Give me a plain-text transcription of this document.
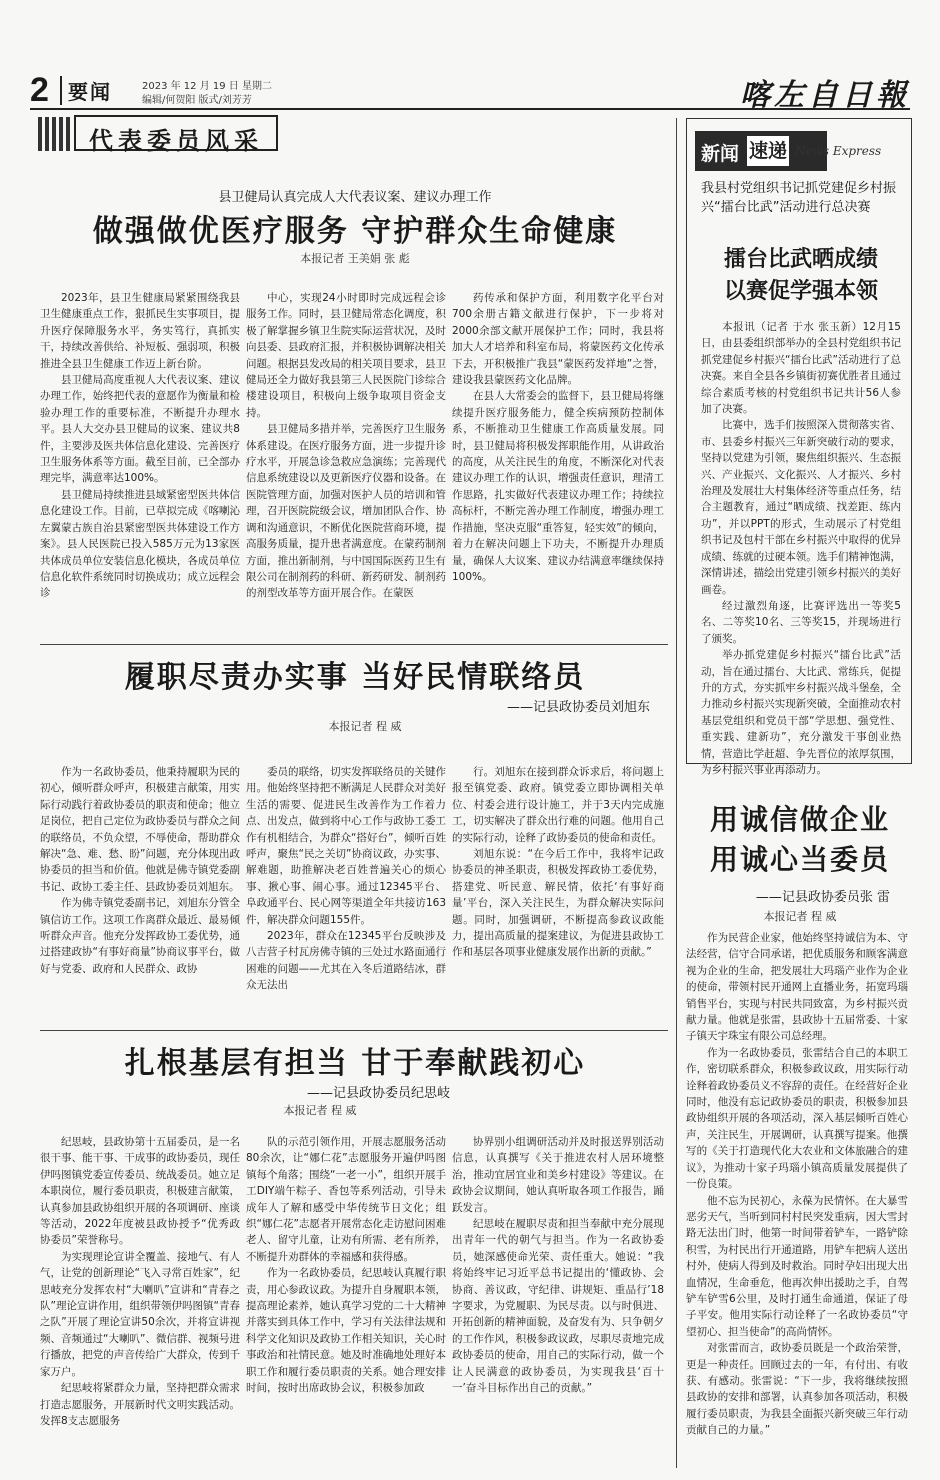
2 要闻	2023 年 12 月 19 日 星期二
编辑/何贺阳 版式/刘芳芳	喀左自日報
代表委员风采
县卫健局认真完成人大代表议案、建议办理工作
做强做优医疗服务 守护群众生命健康
本报记者 王美娟 张 彪

2023年，县卫生健康局紧紧围绕我县卫生健康重点工作，狠抓民生实事项目，提升医疗保障服务水平，务实笃行，真抓实干，持续改善供给、补短板、强弱项，积极推进全县卫生健康工作迈上新台阶。

县卫健局高度重视人大代表议案、建议办理工作，始终把代表的意愿作为衡量和检验办理工作的重要标准，不断提升办理水平。县人大交办县卫健局的议案、建议共8件，主要涉及医共体信息化建设、完善医疗卫生服务体系等方面。截至目前，已全部办理完毕，满意率达100%。

县卫健局持续推进县域紧密型医共体信息化建设工作。目前，已草拟完成《喀喇沁左翼蒙古族自治县紧密型医共体建设工作方案》。县人民医院已投入585万元为13家医共体成员单位安装信息化模块，各成员单位信息化软件系统同时切换成功；成立远程会诊

中心，实现24小时即时完成远程会诊服务工作。同时，县卫健局常态化调度，积极了解掌握乡镇卫生院实际运营状况，及时向县委、县政府汇报，并积极协调解决相关问题。根据县发改局的相关项目要求，县卫健局还全力做好我县第三人民医院门诊综合楼建设项目，积极向上级争取项目资金支持。

县卫健局多措并举，完善医疗卫生服务体系建设。在医疗服务方面，进一步提升诊疗水平，开展急诊急救应急演练；完善现代信息系统建设以及更新医疗仪器和设备。在医院管理方面，加强对医护人员的培训和管理，召开医院院级会议，增加团队合作、协调和沟通意识，不断优化医院营商环境，提高服务质量，提升患者满意度。在蒙药制剂方面，推出新制剂，与中国国际医药卫生有限公司在制剂药的科研、新药研发、制剂药的剂型改革等方面开展合作。在蒙医

药传承和保护方面，利用数字化平台对700余册古籍文献进行保护，下一步将对2000余部文献开展保护工作；同时，我县将加大人才培养和科室布局，将蒙医药文化传承下去，开积极推广我县“蒙医药发祥地”之誉，建设我县蒙医药文化品牌。

在县人大常委会的监督下，县卫健局将继续提升医疗服务能力，健全疾病预防控制体系，不断推动卫生健康工作高质量发展。同时，县卫健局将积极发挥职能作用，从讲政治的高度，从关注民生的角度，不断深化对代表建议办理工作的认识，增强责任意识，理清工作思路，扎实做好代表建议办理工作；持续拉高标杆，不断完善办理工作制度，增强办理工作措施，坚决克服“重答复，轻实效”的倾向，着力在解决问题上下功夫，不断提升办理质量，确保人大议案、建议办结满意率继续保持100%。

履职尽责办实事 当好民情联络员
——记县政协委员刘旭东
本报记者 程 威

作为一名政协委员，他秉持履职为民的初心，倾听群众呼声，积极建言献策，用实际行动践行着政协委员的职责和使命；他立足岗位，把自己定位为政协委员与群众之间的联络员，不负众望，不辱使命，帮助群众解决“急、难、愁、盼”问题，充分体现出政协委员的担当和价值。他就是佛寺镇党委副书记、政协工委主任、县政协委员刘旭东。

作为佛寺镇党委副书记，刘旭东分管全镇信访工作。这项工作离群众最近、最易倾听群众声音。他充分发挥政协工委优势，通过搭建政协“有事好商量”协商议事平台，做好与党委、政府和人民群众、政协

委员的联络，切实发挥联络员的关键作用。他始终坚持把不断满足人民群众对美好生活的需要、促进民生改善作为工作着力点、出发点，做到将中心工作与政协工委工作有机相结合，为群众“搭好台”，倾听百姓呼声，聚焦“民之关切”协商议政，办实事、解难题，助推解决老百姓普遍关心的烦心事、揪心事、闹心事。通过12345平台、阜政通平台、民心网等渠道全年共接访163件，解决群众问题155件。

2023年，群众在12345平台反映涉及八吉营子村瓦房佛寺镇的三处过水路面通行困难的问题——尤其在入冬后道路结冰，群众无法出

行。刘旭东在接到群众诉求后，将问题上报至镇党委、政府。镇党委立即协调相关单位、村委会进行设计施工，并于3天内完成施工，切实解决了群众出行难的问题。他用自己的实际行动，诠释了政协委员的使命和责任。

刘旭东说：“在今后工作中，我将牢记政协委员的神圣职责，积极发挥政协工委优势，搭建党、听民意、解民情，依托‘有事好商量’平台，深入关注民生，为群众解决实际问题。同时，加强调研，不断提高参政议政能力，提出高质量的提案建议，为促进县政协工作和基层各项事业健康发展作出新的贡献。”

扎根基层有担当 甘于奉献践初心
——记县政协委员纪思岐
本报记者 程 威

纪思岐，县政协第十五届委员，是一名很干事、能干事、干成事的政协委员，现任伊吗图镇党委宣传委员、统战委员。她立足本职岗位，履行委员职责，积极建言献策，认真参加县政协组织开展的各项调研、座谈等活动，2022年度被县政协授予“优秀政协委员”荣誉称号。

为实现理论宣讲全覆盖、接地气、有人气，让党的创新理论“飞入寻常百姓家”，纪思岐充分发挥农村“大喇叭”宣讲和“青春之队”理论宣讲作用，组织带领伊吗图镇“青春之队”开展了理论宣讲50余次，并将宣讲视频、音频通过“大喇叭”、微信群、视频号进行播放，把党的声音传给广大群众，传到千家万户。

纪思岐将紧群众力量，坚持把群众需求打造志愿服务，开展新时代文明实践活动。发挥8支志愿服务

队的示范引领作用，开展志愿服务活动80余次，让“娜仁花”志愿服务开遍伊吗图镇每个角落；围绕“一老一小”，组织开展手工DIY端午粽子、香包等系列活动，引导未成年人了解和感受中华传统节日文化；组织“娜仁花”志愿者开展常态化走访慰问困难老人、留守儿童，让劝有所需、老有所养，不断提升劝群体的幸福感和获得感。

作为一名政协委员，纪思岐认真履行职责，用心参政议政。为提升自身履职本领，提高理论素养，她认真学习党的二十大精神并落实到具体工作中，学习有关法律法规和科学文化知识及政协工作相关知识，关心时事政治和社情民意。她及时准确地处理好本职工作和履行委员职责的关系。她合理安排时间，按时出席政协会议，积极参加政

协界别小组调研活动并及时报送界别活动信息，认真撰写《关于推进农村人居环境整治，推动宜居宜业和美乡村建设》等建议。在政协会议期间，她认真听取各项工作报告，踊跃发言。

纪思岐在履职尽责和担当奉献中充分展现出青年一代的朝气与担当。作为一名政协委员，她深感使命光荣、责任重大。她说：“我将始终牢记习近平总书记提出的‘懂政协、会协商、善议政，守纪律、讲规矩、重品行’18字要求，为党履职、为民尽责。以与时俱进、开拓创新的精神面貌，及奋发有为、只争朝夕的工作作风，积极参政议政，尽职尽责地完成政协委员的使命，用自己的实际行动，做一个让人民满意的政协委员，为实现我县‘百十一’奋斗目标作出自己的贡献。”

新闻 速递 News Express
我县村党组织书记抓党建促乡村振兴“擂台比武”活动进行总决赛
擂台比武晒成绩
以赛促学强本领

本报讯（记者 于水 张玉新）12月15日，由县委组织部举办的全县村党组织书记抓党建促乡村振兴“擂台比武”活动进行了总决赛。来自全县各乡镇街初赛优胜者且通过综合素质考核的村党组织书记共计56人参加了决赛。

比赛中，选手们按照深入贯彻落实省、市、县委乡村振兴三年新突破行动的要求，坚持以党建为引领，聚焦组织振兴、生态振兴、产业振兴、文化振兴、人才振兴、乡村治理及发展壮大村集体经济等重点任务，结合主题教育，通过“晒成绩、找差距、练内功”，并以PPT的形式，生动展示了村党组织书记及包村干部在乡村振兴中取得的优异成绩、练就的过硬本领。选手们精神饱满，深情讲述，描绘出党建引领乡村振兴的美好画卷。

经过激烈角逐，比赛评选出一等奖5名、二等奖10名、三等奖15，并现场进行了颁奖。

举办抓党建促乡村振兴“擂台比武”活动，旨在通过擂台、大比武、常练兵，促提升的方式，夯实抓牢乡村振兴战斗堡垒，全力推动乡村振兴实现新突破，全面推动农村基层党组织和党员干部“学思想、强党性、重实践、建新功”，充分激发干事创业热情，营造比学赶超、争先晋位的浓厚氛围，为乡村振兴事业再添动力。

用诚信做企业
用诚心当委员
——记县政协委员张 雷
本报记者 程 威

作为民营企业家，他始终坚持诚信为本、守法经营，信守合同承诺，把优质服务和顾客满意视为企业的生命，把发展壮大玛瑙产业作为企业的使命，带领村民开通网上直播业务，拓宽玛瑙销售平台，实现与村民共同致富，为乡村振兴贡献力量。他就是张雷，县政协十五届常委、十家子镇天宇珠宝有限公司总经理。

作为一名政协委员，张雷结合自己的本职工作，密切联系群众，积极参政议政，用实际行动诠释着政协委员义不容辞的责任。在经营好企业同时，他没有忘记政协委员的职责，积极参加县政协组织开展的各项活动，深入基层倾听百姓心声，关注民生，开展调研，认真撰写提案。他撰写的《关于打造现代化大农业和文体旅融合的建议》，为推动十家子玛瑙小镇高质量发展提供了一份良策。

他不忘为民初心，永葆为民情怀。在大暴雪恶劣天气，当听到同村村民突发重病，因大雪封路无法出门时，他第一时间带着铲车，一路铲除积雪，为村民出行开通道路，用铲车把病人送出村外，使病人得到及时救治。同时孕妇出现大出血情况，生命垂危，他再次伸出援助之手，自驾铲车铲雪6公里，及时打通生命通道，保证了母子平安。他用实际行动诠释了一名政协委员“守望初心、担当使命”的高尚情怀。

对张雷而言，政协委员既是一个政治荣誉，更是一种责任。回顾过去的一年，有付出、有收获、有感动。张雷说：“下一步，我将继续按照县政协的安排和部署，认真参加各项活动，积极履行委员职责，为我县全面振兴新突破三年行动贡献自己的力量。”
